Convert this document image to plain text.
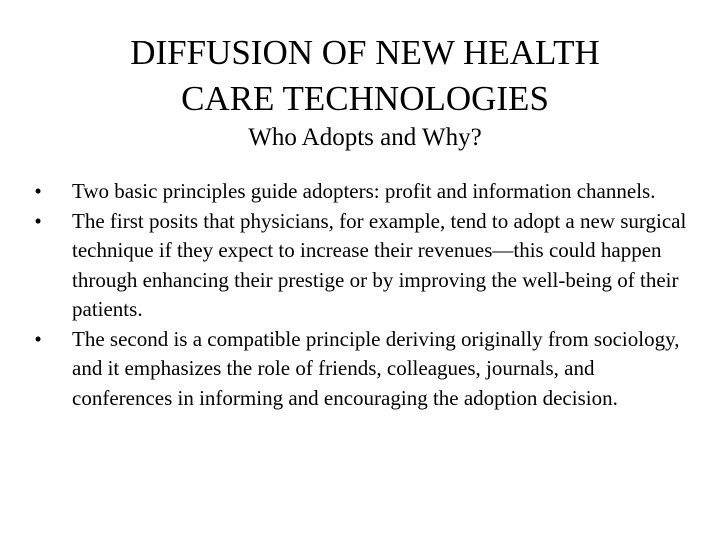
DIFFUSION OF NEW HEALTH
CARE TECHNOLOGIES

Who Adopts and Why?

•	Two basic principles guide adopters: profit and information channels.
•	The first posits that physicians, for example, tend to adopt a new surgical technique if they expect to increase their revenues—this could happen through enhancing their prestige or by improving the well-being of their patients.
•	The second is a compatible principle deriving originally from sociology, and it emphasizes the role of friends, colleagues, journals, and conferences in informing and encouraging the adoption decision.
